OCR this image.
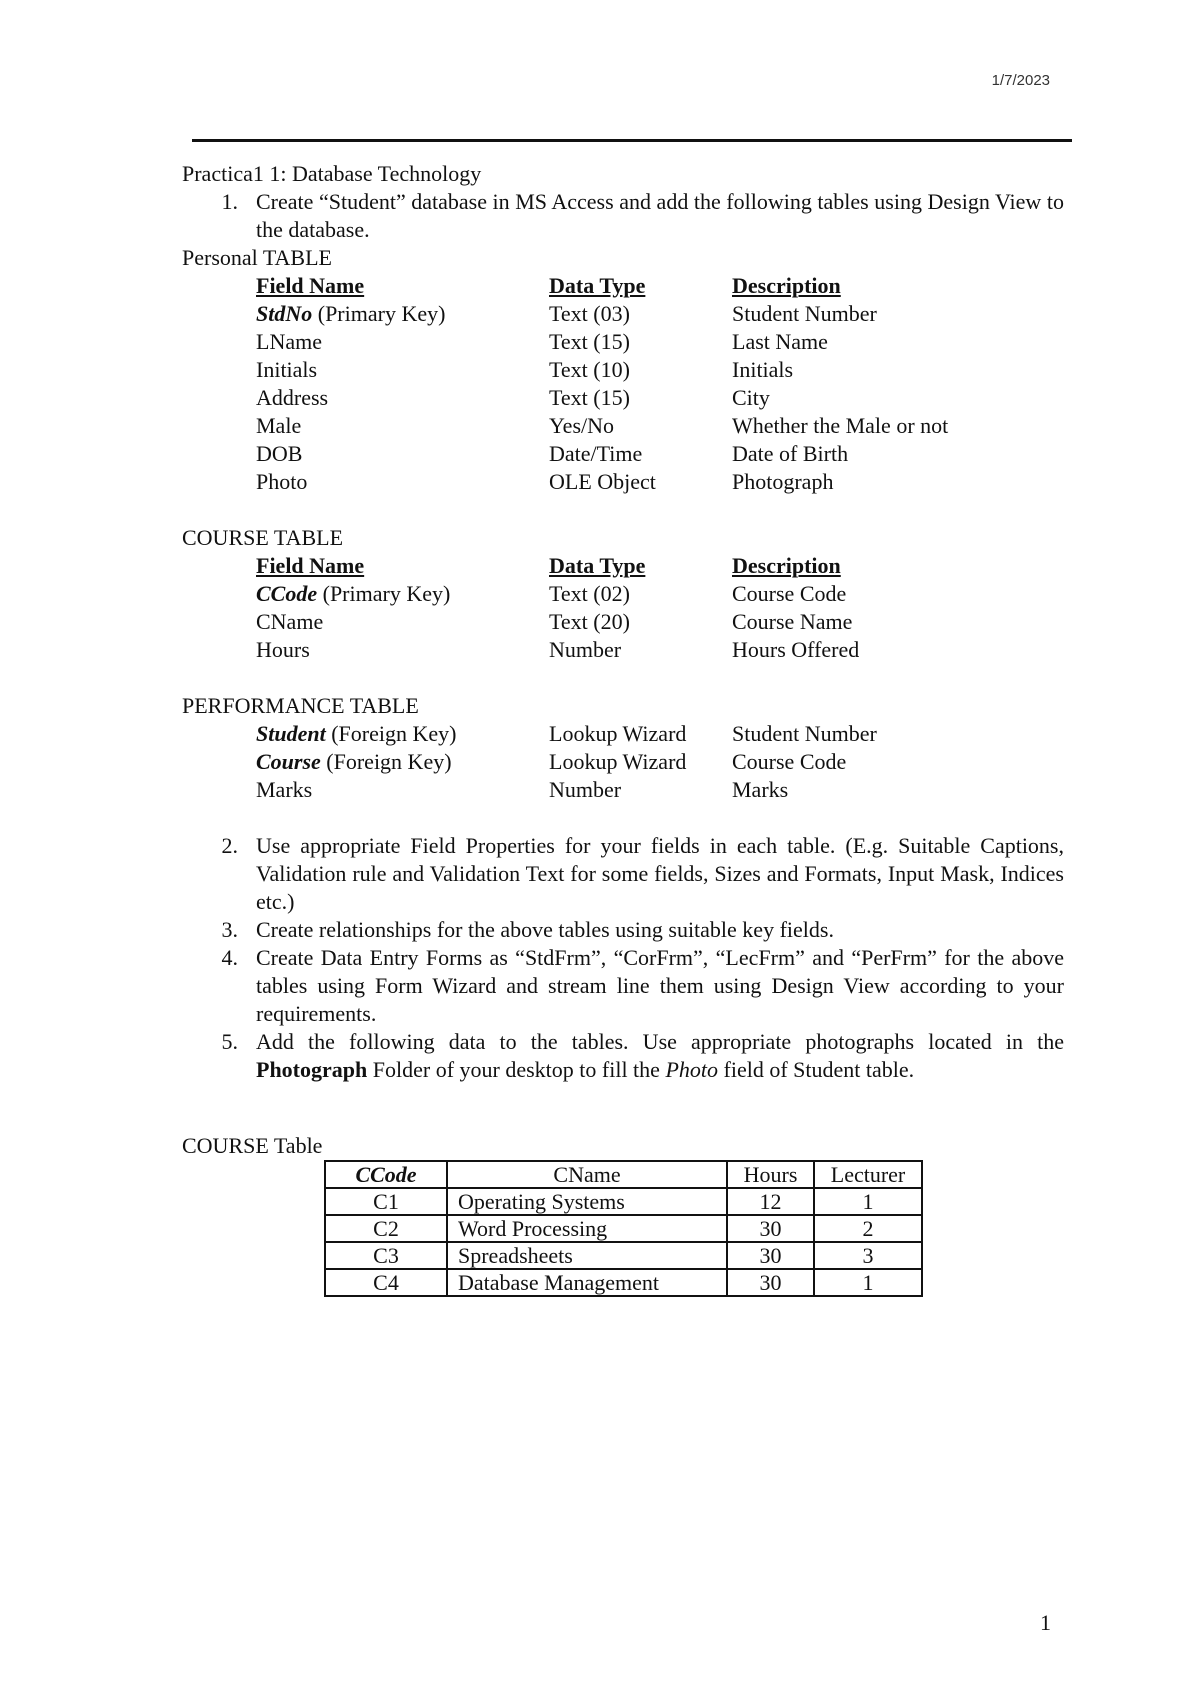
1/7/2023
Practica1 1: Database Technology
1. Create “Student” database in MS Access and add the following tables using Design View to the database.
Personal TABLE
Field Name	Data Type	Description
StdNo (Primary Key)	Text (03)	Student Number
LName	Text (15)	Last Name
Initials	Text (10)	Initials
Address	Text (15)	City
Male	Yes/No	Whether the Male or not
DOB	Date/Time	Date of Birth
Photo	OLE Object	Photograph
COURSE TABLE
Field Name	Data Type	Description
CCode (Primary Key)	Text (02)	Course Code
CName	Text (20)	Course Name
Hours	Number	Hours Offered
PERFORMANCE TABLE
Student (Foreign Key)	Lookup Wizard	Student Number
Course (Foreign Key)	Lookup Wizard	Course Code
Marks	Number	Marks
2. Use appropriate Field Properties for your fields in each table. (E.g. Suitable Captions, Validation rule and Validation Text for some fields, Sizes and Formats, Input Mask, Indices etc.)
3. Create relationships for the above tables using suitable key fields.
4. Create Data Entry Forms as “StdFrm”, “CorFrm”, “LecFrm” and “PerFrm” for the above tables using Form Wizard and stream line them using Design View according to your requirements.
5. Add the following data to the tables. Use appropriate photographs located in the Photograph Folder of your desktop to fill the Photo field of Student table.
COURSE Table
CCode	CName	Hours	Lecturer
C1	Operating Systems	12	1
C2	Word Processing	30	2
C3	Spreadsheets	30	3
C4	Database Management	30	1
1
